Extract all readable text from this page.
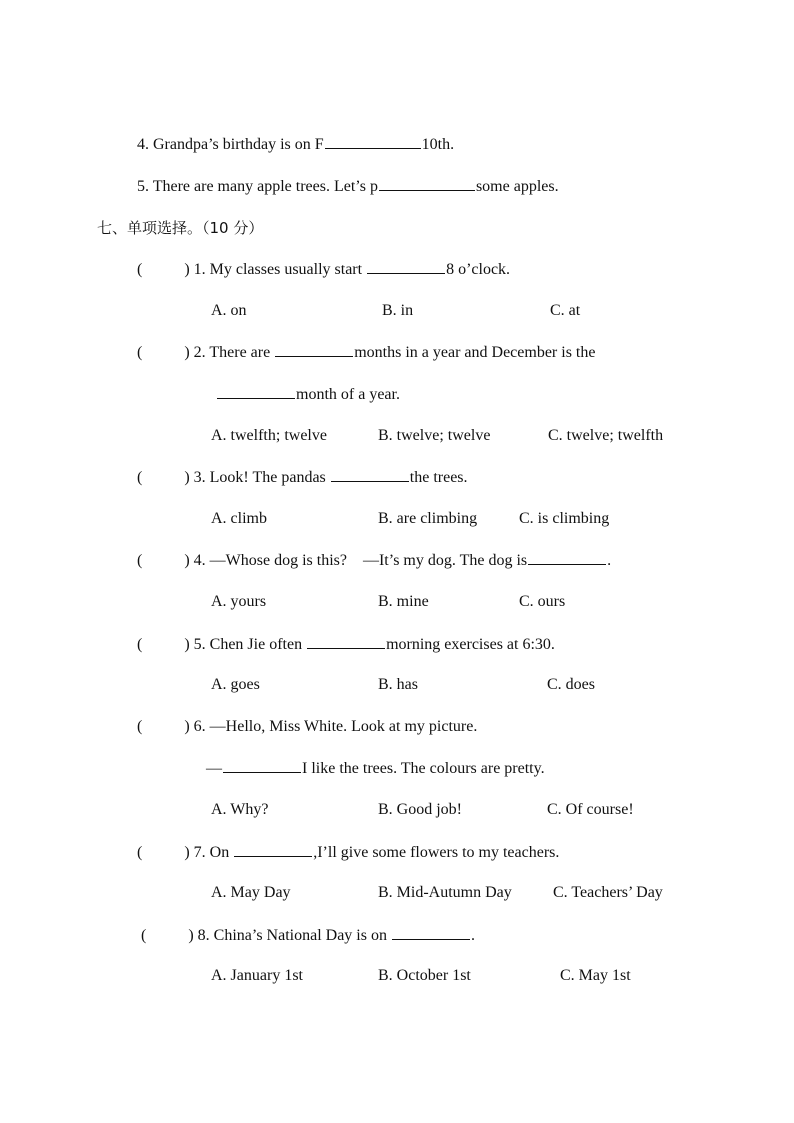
4. Grandpa’s birthday is on F	10th.
5. There are many apple trees. Let’s p	some apples.
七、单项选择。（10 分）
(	) 1. My classes usually start	8 o’clock.
A. on	B. in	C. at
(	) 2. There are	months in a year and December is the
month of a year.
A. twelfth; twelve	B. twelve; twelve	C. twelve; twelfth
(	) 3. Look! The pandas	the trees.
A. climb	B. are climbing	C. is climbing
(	) 4. —Whose dog is this?    —It’s my dog. The dog is	.
A. yours	B. mine	C. ours
(	) 5. Chen Jie often	morning exercises at 6:30.
A. goes	B. has	C. does
(	) 6. —Hello, Miss White. Look at my picture.
—	I like the trees. The colours are pretty.
A. Why?	B. Good job!	C. Of course!
(	) 7. On	,I’ll give some flowers to my teachers.
A. May Day	B. Mid-Autumn Day	C. Teachers’ Day
(	) 8. China’s National Day is on	.
A. January 1st	B. October 1st	C. May 1st
